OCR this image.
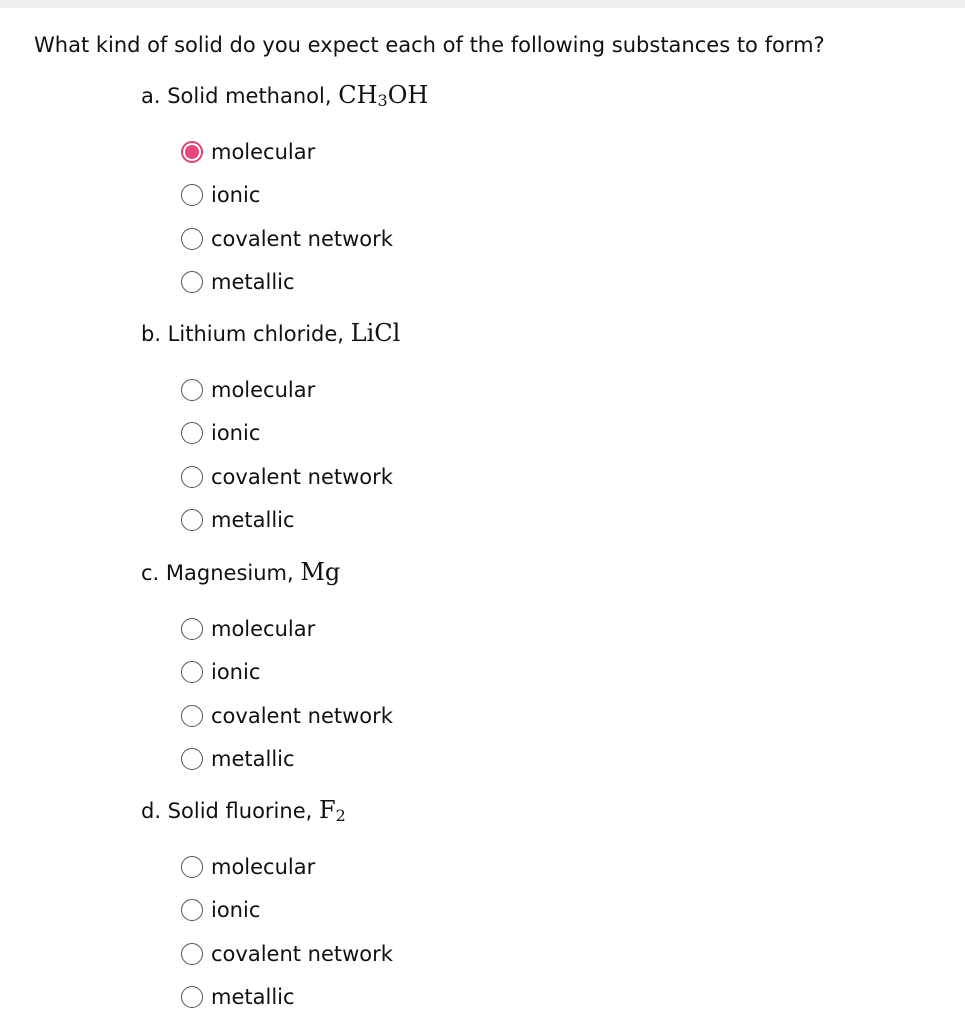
What kind of solid do you expect each of the following substances to form?
a. Solid methanol, $CH_3OH$
molecular
ionic
covalent network
metallic
b. Lithium chloride, LiCl
molecular
ionic
covalent network
metallic
c. Magnesium, Mg
molecular
ionic
covalent network
metallic
d. Solid fluorine, $F_2$
molecular
ionic
covalent network
metallic
